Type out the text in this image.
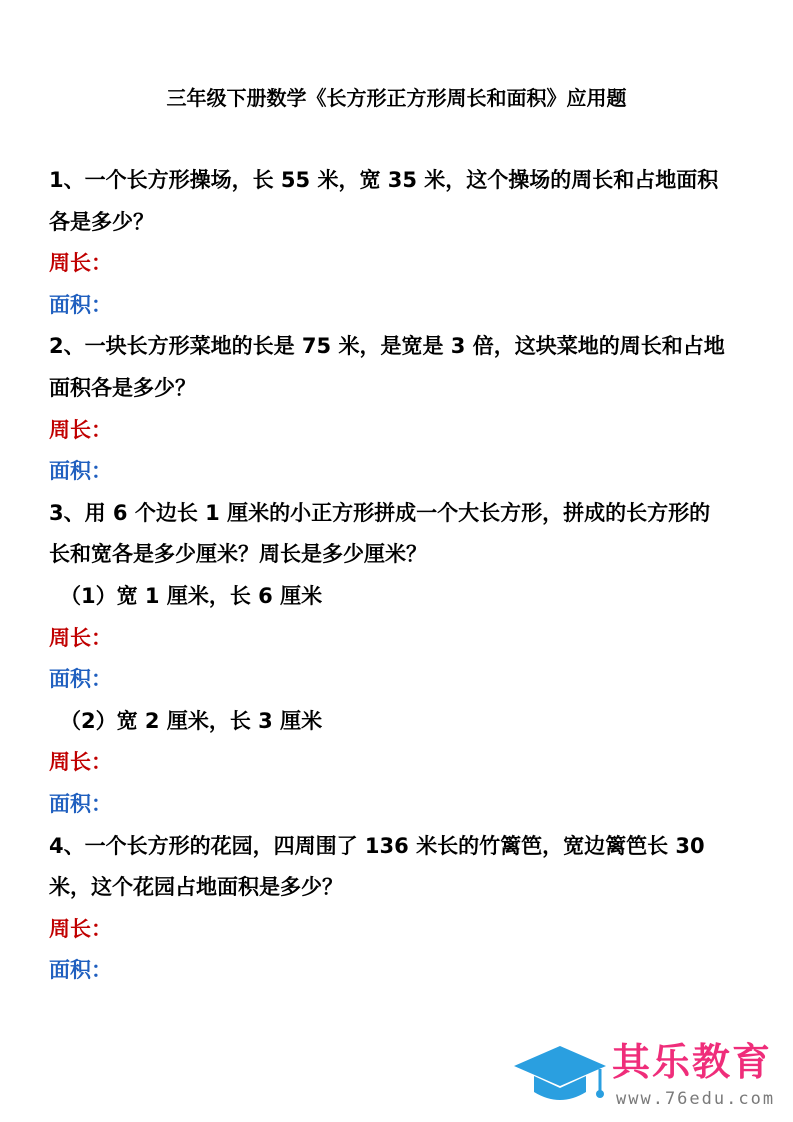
三年级下册数学《长方形正方形周长和面积》应用题
1、一个长方形操场，长 55 米，宽 35 米，这个操场的周长和占地面积
各是多少？
周长：
面积：
2、一块长方形菜地的长是 75 米，是宽是 3 倍，这块菜地的周长和占地
面积各是多少？
周长：
面积：
3、用 6 个边长 1 厘米的小正方形拼成一个大长方形，拼成的长方形的
长和宽各是多少厘米？周长是多少厘米？
（1）宽 1 厘米，长 6 厘米
周长：
面积：
（2）宽 2 厘米，长 3 厘米
周长：
面积：
4、一个长方形的花园，四周围了 136 米长的竹篱笆，宽边篱笆长 30
米，这个花园占地面积是多少？
周长：
面积：
其乐教育
www.76edu.com
